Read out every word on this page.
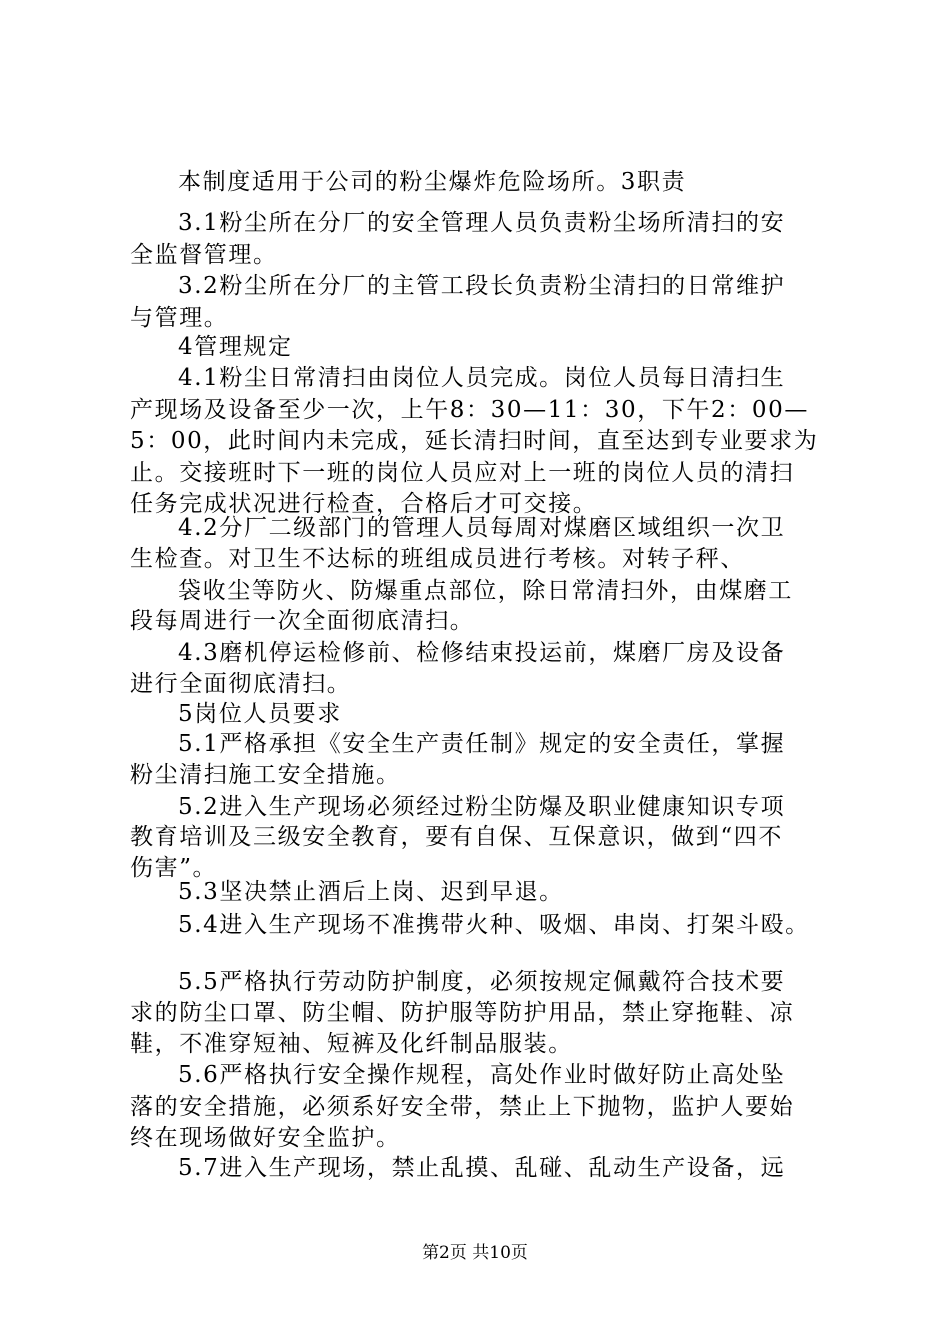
本制度适用于公司的粉尘爆炸危险场所。3职责
3.1粉尘所在分厂的安全管理人员负责粉尘场所清扫的安
全监督管理。
3.2粉尘所在分厂的主管工段长负责粉尘清扫的日常维护
与管理。
4管理规定
4.1粉尘日常清扫由岗位人员完成。岗位人员每日清扫生
产现场及设备至少一次，上午8：30—11：30，下午2：00—
5：00，此时间内未完成，延长清扫时间，直至达到专业要求为
止。交接班时下一班的岗位人员应对上一班的岗位人员的清扫
任务完成状况进行检查，合格后才可交接。
4.2分厂二级部门的管理人员每周对煤磨区域组织一次卫
生检查。对卫生不达标的班组成员进行考核。对转子秤、
袋收尘等防火、防爆重点部位，除日常清扫外，由煤磨工
段每周进行一次全面彻底清扫。
4.3磨机停运检修前、检修结束投运前，煤磨厂房及设备
进行全面彻底清扫。
5岗位人员要求
5.1严格承担《安全生产责任制》规定的安全责任，掌握
粉尘清扫施工安全措施。
5.2进入生产现场必须经过粉尘防爆及职业健康知识专项
教育培训及三级安全教育，要有自保、互保意识，做到“四不
伤害”。
5.3坚决禁止酒后上岗、迟到早退。
5.4进入生产现场不准携带火种、吸烟、串岗、打架斗殴。
5.5严格执行劳动防护制度，必须按规定佩戴符合技术要
求的防尘口罩、防尘帽、防护服等防护用品，禁止穿拖鞋、凉
鞋，不准穿短袖、短裤及化纤制品服装。
5.6严格执行安全操作规程，高处作业时做好防止高处坠
落的安全措施，必须系好安全带，禁止上下抛物，监护人要始
终在现场做好安全监护。
5.7进入生产现场，禁止乱摸、乱碰、乱动生产设备，远
第2页 共10页
